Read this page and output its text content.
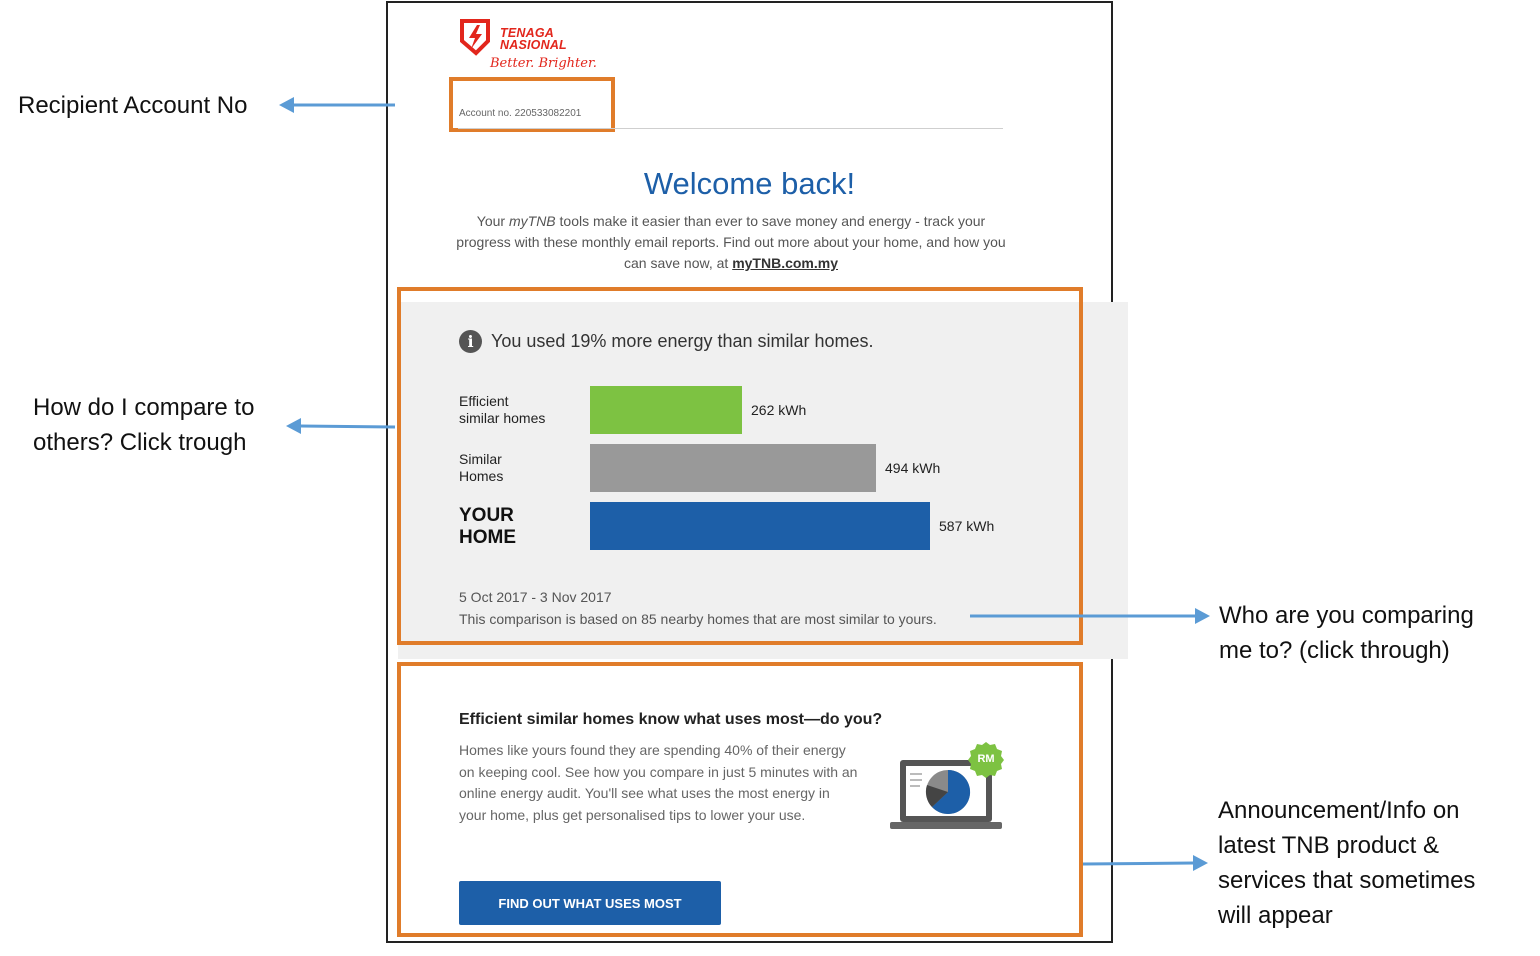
TENAGA
NASIONAL
Better. Brighter.
Account no. 220533082201
Welcome back!
Your myTNB tools make it easier than ever to save money and energy - track your progress with these monthly email reports. Find out more about your home, and how you can save now, at myTNB.com.my
i You used 19% more energy than similar homes.
Efficient
similar homes	262 kWh
Similar
Homes	494 kWh
YOUR
HOME
587 kWh
5 Oct 2017 - 3 Nov 2017
This comparison is based on 85 nearby homes that are most similar to yours.
Efficient similar homes know what uses most—do you?
Homes like yours found they are spending 40% of their energy on keeping cool. See how you compare in just 5 minutes with an online energy audit. You'll see what uses the most energy in your home, plus get personalised tips to lower your use.
RM
FIND OUT WHAT USES MOST
Recipient Account No
How do I compare to
others? Click trough
Who are you comparing
me to? (click through)
Announcement/Info on
latest TNB product &
services that sometimes
will appear
